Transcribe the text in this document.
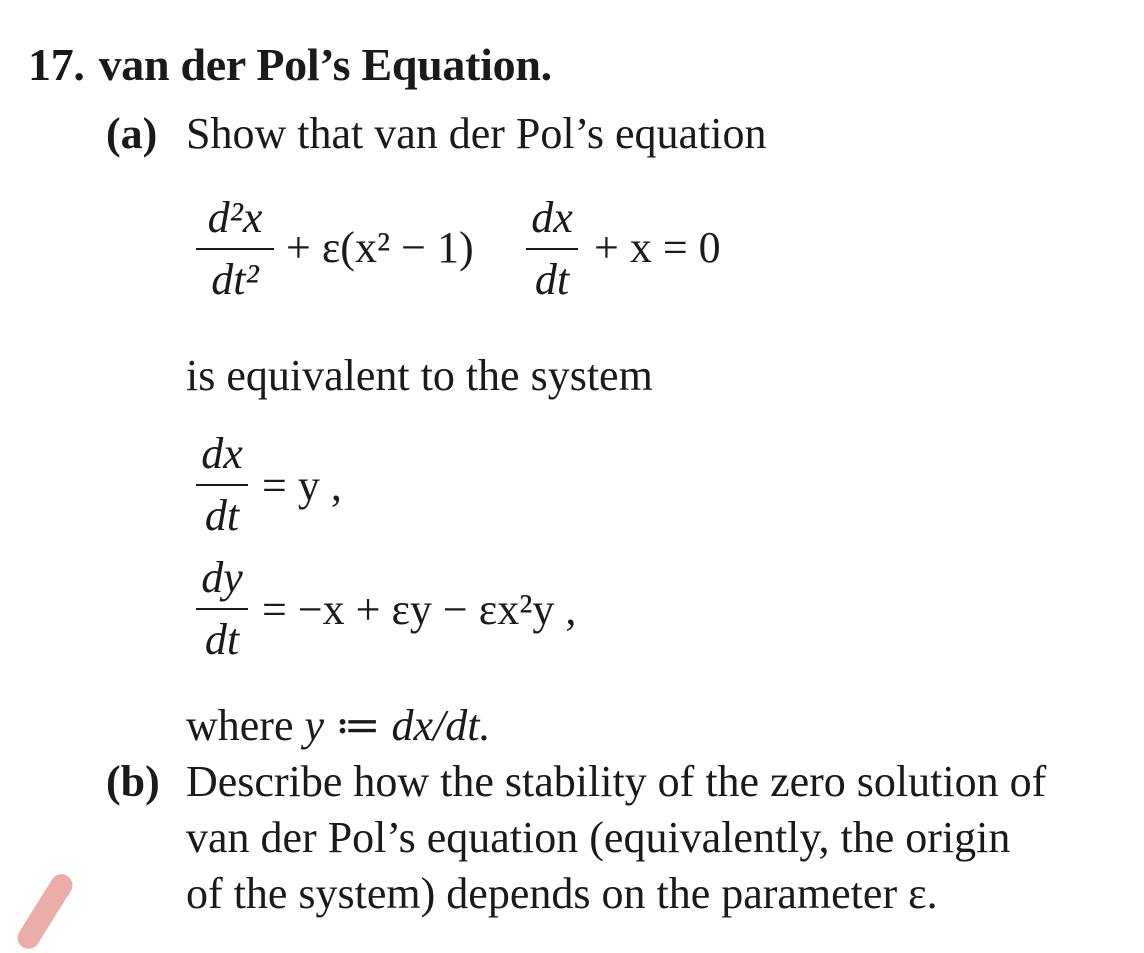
17. van der Pol’s Equation.
(a) Show that van der Pol’s equation
d²x
dt²
+ ε(x² − 1)
dx
dt
+ x = 0
is equivalent to the system
dx
dt
= y ,
dy
dt
= −x + εy − εx²y ,
where y ≔ dx/dt.
(b) Describe how the stability of the zero solution of
van der Pol’s equation (equivalently, the origin
of the system) depends on the parameter ε.
